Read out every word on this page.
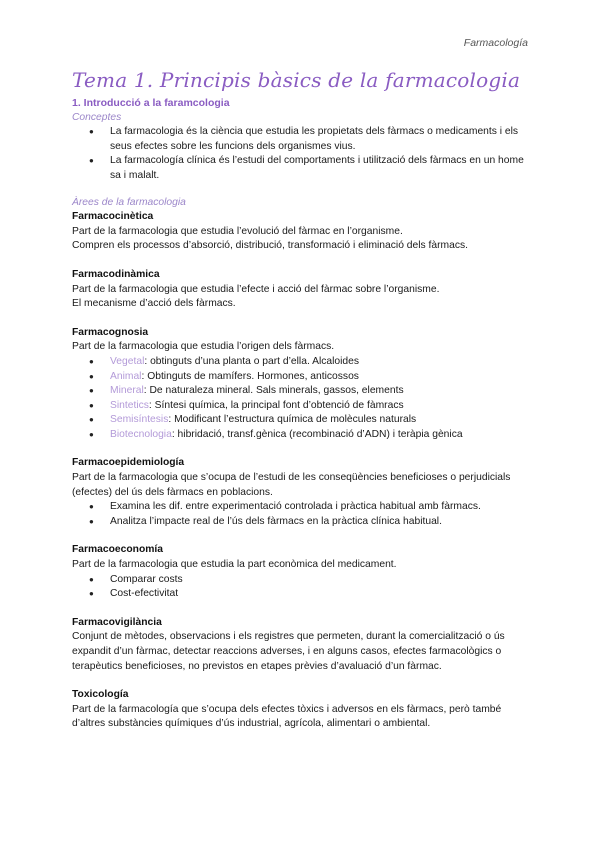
Farmacología
Tema 1. Principis bàsics de la farmacologia
1. Introducció a la faramcologia
Conceptes
● La farmacologia és la ciència que estudia les propietats dels fàrmacs o medicaments i els seus efectes sobre les funcions dels organismes vius.
● La farmacología clínica és l’estudi del comportaments i utilització dels fàrmacs en un home sa i malalt.
Àrees de la farmacologia
Farmacocinètica

Part de la farmacologia que estudia l’evolució del fàrmac en l’organisme.

Compren els processos d’absorció, distribució, transformació i eliminació dels fàrmacs.

Farmacodinàmica

Part de la farmacologia que estudia l’efecte i acció del fàrmac sobre l’organisme.

El mecanisme d’acció dels fàrmacs.

Farmacognosia

Part de la farmacologia que estudia l’origen dels fàrmacs.

● Vegetal: obtinguts d’una planta o part d’ella. Alcaloides
● Animal: Obtinguts de mamífers. Hormones, anticossos
● Mineral: De naturaleza mineral. Sals minerals, gassos, elements
● Sintetics: Síntesi química, la principal font d’obtenció de fàmracs
● Semisíntesis: Modificant l’estructura química de molècules naturals
● Biotecnologia: hibridació, transf.gènica (recombinació d’ADN) i teràpia gènica
Farmacoepidemiología

Part de la farmacologia que s’ocupa de l’estudi de les conseqüències beneficioses o perjudicials (efectes) del ús dels fàrmacs en poblacions.

● Examina les dif. entre experimentació controlada i pràctica habitual amb fàrmacs.
● Analitza l’impacte real de l’ús dels fàrmacs en la pràctica clínica habitual.
Farmacoeconomía

Part de la farmacologia que estudia la part econòmica del medicament.

● Comparar costs
● Cost-efectivitat
Farmacovigilància

Conjunt de mètodes, observacions i els registres que permeten, durant la comercialització o ús expandit d’un fàrmac, detectar reaccions adverses, i en alguns casos, efectes farmacològics o terapèutics beneficioses, no previstos en etapes prèvies d’avaluació d’un fàrmac.

Toxicología

Part de la farmacología que s’ocupa dels efectes tòxics i adversos en els fàrmacs, però també d’altres substàncies químiques d’ús industrial, agrícola, alimentari o ambiental.
